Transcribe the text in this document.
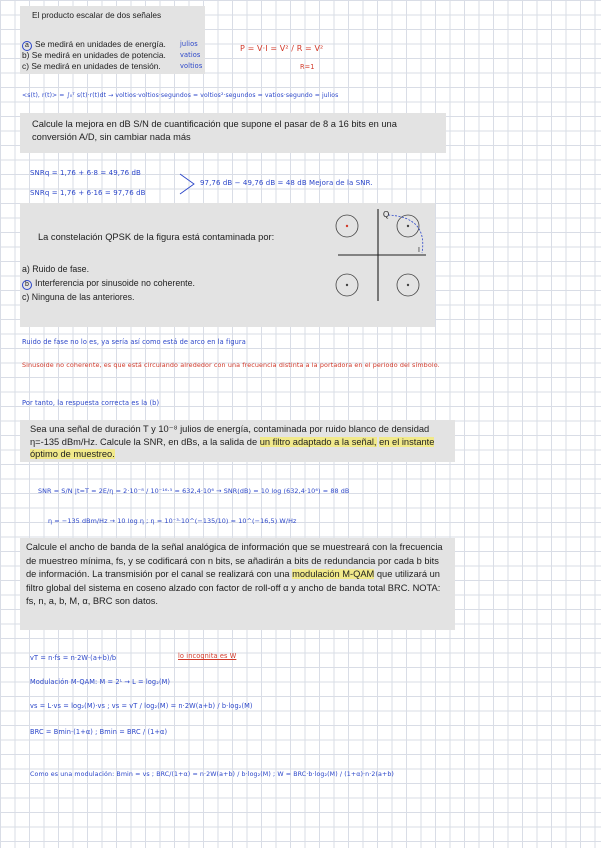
El producto escalar de dos señales
a Se medirá en unidades de energía.
b) Se medirá en unidades de potencia.
c) Se medirá en unidades de tensión.
julios
vatios
voltios
P = V·I = V² / R = V²
R=1
<s(t), r(t)> = ∫₀ᵀ s(t)·r(t)dt → voltios·voltios·segundos = voltios²·segundos = vatios·segundo = julios
Calcule la mejora en dB S/N de cuantificación que supone el pasar de 8 a 16 bits en una conversión A/D, sin cambiar nada más
SNRq = 1,76 + 6·8 = 49,76 dB
SNRq = 1,76 + 6·16 = 97,76 dB
97,76 dB − 49,76 dB = 48 dB Mejora de la SNR.
La constelación QPSK de la figura está contaminada por:
a) Ruido de fase.
b Interferencia por sinusoide no coherente.
c) Ninguna de las anteriores.
Q
I
Ruido de fase no lo es, ya sería así como está de arco en la figura
Sinusoide no coherente, es que está circulando alrededor con una frecuencia distinta a la portadora en el periodo del símbolo.
Por tanto, la respuesta correcta es la (b)
Sea una señal de duración T y 10⁻⁸ julios de energía, contaminada por ruido blanco de densidad η=-135 dBm/Hz. Calcule la SNR, en dBs, a la salida de un filtro adaptado a la señal, en el instante óptimo de muestreo.
SNR = S/N |t=T = 2E/η = 2·10⁻⁸ / 10⁻¹⁶·⁵ = 632,4·10⁶ → SNR(dB) = 10 log (632,4·10⁶) = 88 dB
η = −135 dBm/Hz → 10 log η ; η = 10⁻³·10^(−135/10) = 10^(−16,5) W/Hz
Calcule el ancho de banda de la señal analógica de información que se muestreará con la frecuencia de muestreo mínima, fs, y se codificará con n bits, se añadirán a bits de redundancia por cada b bits de información. La transmisión por el canal se realizará con una modulación M-QAM que utilizará un filtro global del sistema en coseno alzado con factor de roll-off α y ancho de banda total BRC. NOTA: fs, n, a, b, M, α, BRC son datos.
vT = n·fs = n·2W·(a+b)/b	lo incognita es W
Modulación M-QAM: M = 2ᴸ → L = log₂(M)
vs = L·vs = log₂(M)·vs ; vs = vT / log₂(M) = n·2W(a+b) / b·log₂(M)
BRC = Bmin·(1+α) ; Bmin = BRC / (1+α)
Como es una modulación: Bmin = vs ; BRC/(1+α) = n·2W(a+b) / b·log₂(M) ; W = BRC·b·log₂(M) / (1+α)·n·2(a+b)
